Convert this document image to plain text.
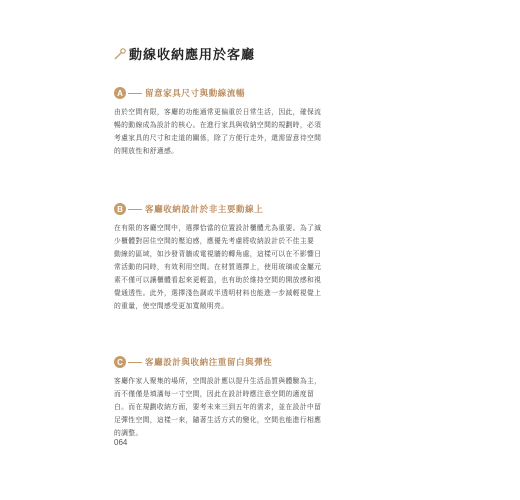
動線收納應用於客廳
A	留意家具尺寸與動線流暢
由於空間有限，客廳的功能通常更偏重於日常生活，因此，確保流
暢的動線成為設計的核心。在進行家具與收納空間的規劃時，必須
考慮家具的尺寸和走道的關係，除了方便行走外，還需留意待空間
的開放性和舒適感。
B	客廳收納設計於非主要動線上
在有限的客廳空間中，選擇恰當的位置設計櫃體尤為重要。為了減
少櫃體對居住空間的壓迫感，應優先考慮將收納設計於不佳主要
動線的區域，如沙發背牆或電視牆的轉角處，這樣可以在不影響日
常活動的同時，有效利用空間。在材質選擇上，使用玻璃或金屬元
素不僅可以讓櫃體看起來更輕盈，也有助於維持空間的開放感和視
覺通透性。此外，選擇淺色調或半透明材料也能進一步減輕視覺上
的重量，使空間感受更加寬敞明亮。
C	客廳設計與收納注重留白與彈性
客廳作家人聚集的場所，空間設計應以提升生活品質與體驗為主，
而不僅僅是填滿每一寸空間，因此在設計時應注意空間的適度留
白。而在規劃收納方面，要考未來三到五年的需求，並在設計中留
足彈性空間，這樣一來，隨著生活方式的變化，空間也能進行相應
的調整。
064
